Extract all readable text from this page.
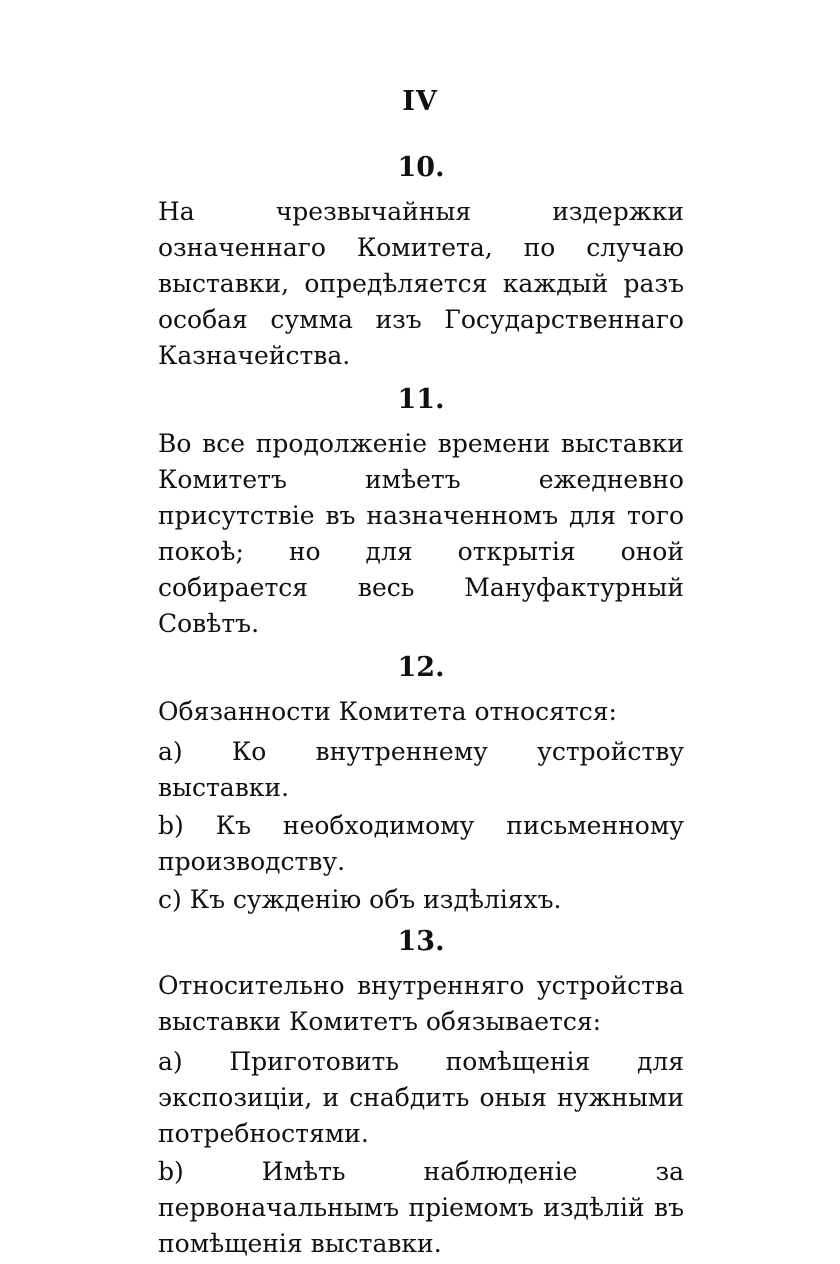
IV
10.

На чрезвычайныя издержки означеннаго Комитета, по случаю выставки, опредѣляется каждый разъ особая сумма изъ Государственнаго Казначейства.

11.

Во все продолженіе времени выставки Комитетъ имѣетъ ежедневно присутствіе въ назначенномъ для того покоѣ; но для открытія оной собирается весь Мануфактурный Совѣтъ.

12.

Обязанности Комитета относятся:

a) Ко внутреннему устройству выставки.

b) Къ необходимому письменному производству.

c) Къ сужденію объ издѣліяхъ.

13.

Относительно внутренняго устройства выставки Комитетъ обязывается:

a) Приготовить помѣщенія для экспозиціи, и снабдить оныя нужными потребностями.

b)	Имѣть наблюденіе за первоначальнымъ пріемомъ издѣлій въ помѣщенія выставки.
